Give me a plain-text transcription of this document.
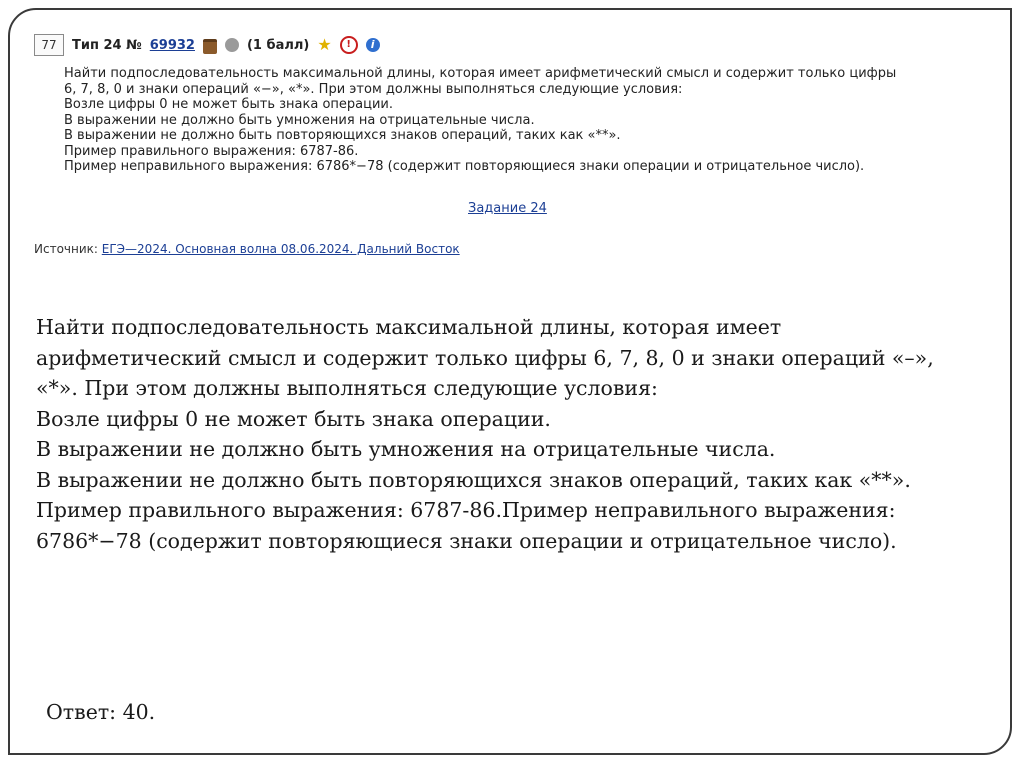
77	Тип 24 № 69932	(1 балл) ★	!	i

Найти подпоследовательность максимальной длины, которая имеет арифметический смысл и содержит только цифры

6, 7, 8, 0 и знаки операций «−», «*». При этом должны выполняться следующие условия:

Возле цифры 0 не может быть знака операции.

В выражении не должно быть умножения на отрицательные числа.

В выражении не должно быть повторяющихся знаков операций, таких как «**».

Пример правильного выражения: 6787-86.

Пример неправильного выражения: 6786*−78 (содержит повторяющиеся знаки операции и отрицательное число).

Задание 24
Источник: ЕГЭ—2024. Основная волна 08.06.2024. Дальний Восток

Найти подпоследовательность максимальной длины, которая имеет

арифметический смысл и содержит только цифры 6, 7, 8, 0 и знаки операций «–»,

«*». При этом должны выполняться следующие условия:

Возле цифры 0 не может быть знака операции.

В выражении не должно быть умножения на отрицательные числа.

В выражении не должно быть повторяющихся знаков операций, таких как «**».

Пример правильного выражения: 6787-86.Пример неправильного выражения:

6786*−78 (содержит повторяющиеся знаки операции и отрицательное число).

Ответ: 40.
